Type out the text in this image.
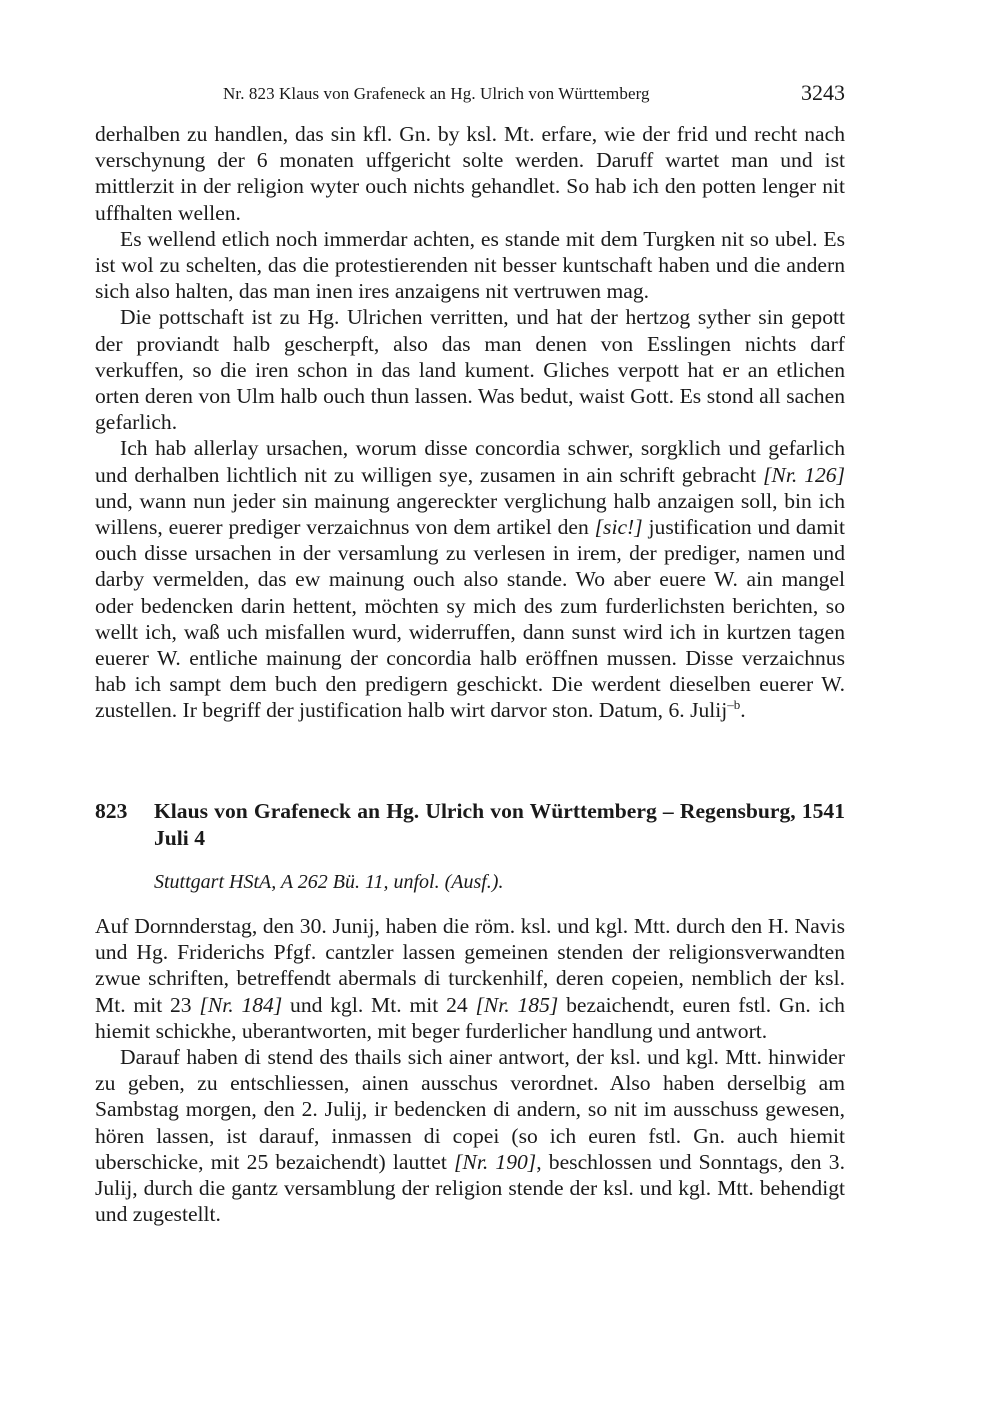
Nr. 823 Klaus von Grafeneck an Hg. Ulrich von Württemberg	3243

derhalben zu handlen, das sin kfl. Gn. by ksl. Mt. erfare, wie der frid und recht nach verschynung der 6 monaten uffgericht solte werden. Daruff wartet man und ist mittlerzit in der religion wyter ouch nichts gehandlet. So hab ich den potten lenger nit uffhalten wellen.

Es wellend etlich noch immerdar achten, es stande mit dem Turgken nit so ubel. Es ist wol zu schelten, das die protestierenden nit besser kuntschaft haben und die andern sich also halten, das man inen ires anzaigens nit vertruwen mag.

Die pottschaft ist zu Hg. Ulrichen verritten, und hat der hertzog syther sin gepott der proviandt halb gescherpft, also das man denen von Esslingen nichts darf verkuffen, so die iren schon in das land kument. Gliches verpott hat er an etlichen orten deren von Ulm halb ouch thun lassen. Was bedut, waist Gott. Es stond all sachen gefarlich.

Ich hab allerlay ursachen, worum disse concordia schwer, sorgklich und gefarlich und derhalben lichtlich nit zu willigen sye, zusamen in ain schrift gebracht [Nr. 126] und, wann nun jeder sin mainung angereckter verglichung halb anzaigen soll, bin ich willens, euerer prediger verzaichnus von dem artikel den [sic!] justification und damit ouch disse ursachen in der versamlung zu verlesen in irem, der prediger, namen und darby vermelden, das ew mainung ouch also stande. Wo aber euere W. ain mangel oder bedencken darin hettent, möchten sy mich des zum furderlichsten berichten, so wellt ich, waß uch misfallen wurd, widerruffen, dann sunst wird ich in kurtzen tagen euerer W. entliche mainung der concordia halb eröffnen mussen. Disse verzaichnus hab ich sampt dem buch den predigern geschickt. Die werdent dieselben euerer W. zustellen. Ir begriff der justification halb wirt darvor ston. Datum, 6. Julij$^{-b}$.

823 Klaus von Grafeneck an Hg. Ulrich von Württemberg – Regensburg, 1541 Juli 4
Stuttgart HStA, A 262 Bü. 11, unfol. (Ausf.).

Auf Dornnderstag, den 30. Junij, haben die röm. ksl. und kgl. Mtt. durch den H. Navis und Hg. Friderichs Pfgf. cantzler lassen gemeinen stenden der religionsverwandten zwue schriften, betreffendt abermals di turckenhilf, deren copeien, nemblich der ksl. Mt. mit 23 [Nr. 184] und kgl. Mt. mit 24 [Nr. 185] bezaichendt, euren fstl. Gn. ich hiemit schickhe, uberantworten, mit beger furderlicher handlung und antwort.

Darauf haben di stend des thails sich ainer antwort, der ksl. und kgl. Mtt. hinwider zu geben, zu entschliessen, ainen ausschus verordnet. Also haben derselbig am Sambstag morgen, den 2. Julij, ir bedencken di andern, so nit im ausschuss gewesen, hören lassen, ist darauf, inmassen di copei (so ich euren fstl. Gn. auch hiemit uberschicke, mit 25 bezaichendt) lauttet [Nr. 190], beschlossen und Sonntags, den 3. Julij, durch die gantz versamblung der religion stende der ksl. und kgl. Mtt. behendigt und zugestellt.
